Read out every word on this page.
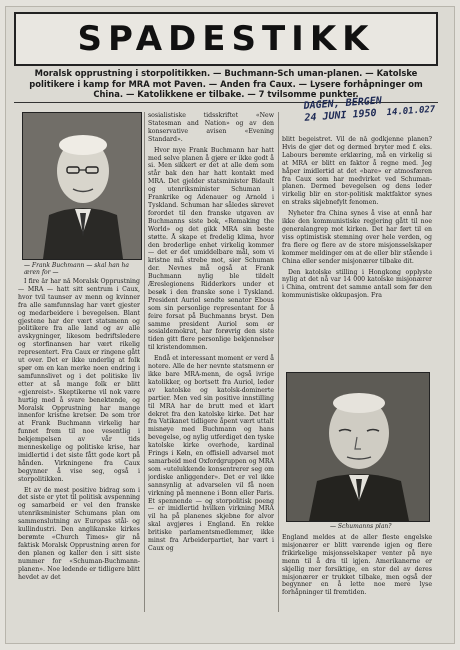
SPADESTIKK
Moralsk opprustning i storpolitikken. — Buchmann-Sch uman-planen. — Katolske politikere i kamp for MRA mot Paven. — Anden fra Caux. — Lysere forhåpninger om China. — Katolikkene er tilbake. — 7 tvilsomme punkter.
DAGEN, BERGEN
24 JUNI 1950 14.01.027
— Frank Buchmann — skal han ha æren for —
— Schumanns plan?

I fire år har nå Moralsk Opprustning — MRA — hatt sitt sentrum i Caux, hvor tvil taunser av menn og kvinner fra alle samfunnslag har vært gjester og medarbeidere i bevegelsen. Blant gjestene har der vært statsmenn og politikere fra alle land og av alle avskygninger, likesom bedriftsledere og storfinansen har vært rikelig representert. Fra Caux er ringene gått ut over. Det er ikke underlig at folk spør om en kan merke noen endring i samfunnslivet og i det politiske liv etter at så mange folk er blitt «gjenreist». Skeptikerne vil nok være hurtig med å svare benektende, og Moralsk Opprustning har mange innenfor kristne kretser. De som tror at Frank Buchmann virkelig har funnet frem til noe vesentlig i bekjempelsen av vår tids menneskelige og politiske krise, har imidlertid i det siste fått gode kort på hånden. Virkningene fra Caux begynner å vise seg, også i storpolitikken.

Et av de mest positive bidrag som i det siste er ytet til politisk avspenning og samarbeid er vel den franske utenriksminister Schumans plan om sammenslutning av Europas stål- og kullindustri. Den anglikanske kirkes berømte «Church Times» gir nå faktisk Moralsk Opprustning æren for den planen og kaller den i sitt siste nummer for «Schuman-Buchmann-planen». Noe ledende er tidligere blitt hevdet av det

sosialistiske tidsskriftet «New Statesman and Nation» og av den konservative avisen «Evening Standard».

Hvor mye Frank Buchmann har hatt med selve planen å gjøre er ikke godt å si. Men sikkert er det at alle dem som står bak den har hatt kontakt med MRA. Det gjelder statsminister Bidault og utenriksminister Schuman i Frankrike og Adenauer og Arnold i Tyskland. Schuman har således skrevet forordet til den franske utgaven av Buchmanns siste bok, «Remaking the World» og det gikk MRA sin beste støtte. Å skape et fredelig klima, hvor den broderlige enhet virkelig kommer — det er det umiddelbare mål, som vi kristne må strebe mot, sier Schuman der. Nevnes må også at Frank Buchmann nylig ble tildelt Æreslegionens Ridderkors under et besøk i den franske sone i Tyskland. President Auriol sendte senator Ebous som sin personlige representant for å feire forsat på Buchmanns bryst. Den samme president Auriol som er sosialdemokrat, har forøvrig den siste tiden gitt flere personlige bekjennelser til kristendommen.

Endå et interessant moment er verd å notere. Alle de her nevnte statsmenn er ikke bare MRA-menn, de også ivrige katolikker, og bortsett fra Auriol, leder av katolske og katolsk-dominerte partier. Men ved sin positive innstilling til MRA har de brutt med et klart dekret fra den katolske kirke. Det har fra Vatikanet tidligere åpent vært uttalt misnøye med Buchmann og hans bevegelse, og nylig utferdiget den tyske katolske kirke overhode, kardinal Frings i Køln, en offisiell advarsel mot samarbeid med Oxfordgruppen og MRA som «utelukkende konsentrerer seg om jordiske anliggender». Det er vel ikke sannsynlig at advarselen vil få noen virkning på mennene i Bonn eller Paris. Et spennende — og storpolitisk poeng — er imidlertid hvilken virkning MRA vil ha på planenes skjebne for alvor skal avgjøres i England. En rekke britiske parlamentsmedlemmer, ikke minst fra Arbeiderpartiet, har vært i Caux og

blitt begeistret. Vil de nå godkjenne planen? Hvis de gjør det og dermed bryter med f. eks. Labours berømte erklæring, må en virkelig si at MRA er blitt en faktor å regne med. Jeg håper imidlertid at det «bare» er atmosfæren fra Caux som har medvirket ved Schuman-planen. Dermed bevegelsen og dens leder virkelig blir en stor-politisk maktfaktor synes en straks skjebnefylt fenomen.

Nyheter fra China synes å vise at ennå har ikke den kommunistiske regjering gått til noe generalangrep mot kirken. Det har ført til en viss optimistisk stemning over hele verden, og fra flere og flere av de store misjonsselskaper kommer meldinger om at de eller blir stående i China eller sender misjonærer tilbake dit.

Den katolske stilling i Hongkong opplyste nylig at det nå var 14 000 katolske misjonærer i China, omtrent det samme antall som før den kommunistiske okkupasjon. Fra

England meldes at de aller fleste engelske misjonærer er blitt værende igjen og flere frikirkelige misjonsselskaper venter på nye menn til å dra til igjen. Amerikanerne er skjellig mer forsiktige, en stor del av deres misjonærer er trukket tilbake, men også der begynner en å lette noe mere lyse forhåpninger til fremtiden.
